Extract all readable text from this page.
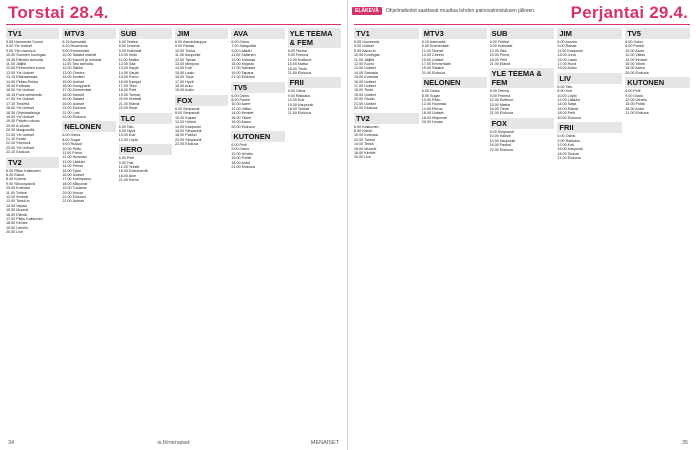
Torstai 28.4.
TV1
5.55 Huomenta Suomi
9.00 Yle Uutiset
9.05 Ylen aamu-tv
10.00 Suomen kuningas
10.30 Elämän tarinoita
11.00 Jäljillä
12.05 Pehmoinen kuoro
13.00 Yle Uutiset
13.15 Eläinsairaala
14.00 Pirkka-Pekka
15.00 Kotimaa
16.00 Yle Uutiset
16.15 Puoli seitsemän
17.00 Yle Uutiset
17.10 Tiedettä
18.00 Yle Uutiset
18.30 Ohjelmatietoja
19.00 Yle Uutiset
19.30 Päivän rukous
20.00 A-studio
20.30 Maajussille
21.00 Yle Uutiset
21.10 Kioski
22.00 Sherlock
23.00 Yle Uutiset
23.10 Elokuva
TV2
6.00 Pikku Kakkonen
8.25 Kiskot
8.35 Kotona
9.00 Siivouspäivä
10.00 Kotimaa
11.00 Tohtori
12.00 Ihmisiä
13.00 Teksti-tv
14.00 Vapaa
15.00 Muumit
16.00 Elämä
17.00 Pikku Kakkonen
18.00 Kimble
19.00 Urheilu
20.00 Live
MTV3
6.15 Aamusää
6.20 Huomenta
9.00 Emmerdale
10.00 Salatut elämät
10.30 Kauniit ja rohkeat
11.00 Tosi tarinoita
12.00 Sähkö
13.00 Cheers
14.00 Ihmiset
15.00 Uutiset
16.00 Kumppanit
17.00 Emmerdale
18.00 Kauniit
19.00 Salatut
20.00 Uutiset
21.00 Elokuva
22.00 Lost
23.00 Elokuva
NELONEN
6.00 Ostos
8.00 Sugar
9.00 Ruusut
10.00 Pelto
11.00 Poirot
12.00 Huomaa
13.00 Lääkäri
14.00 Piirros
15.00 Tykki
16.00 Uutiset
17.00 Kotiinpaluu
18.00 Miljoonat
19.00 Tuotanto
20.00 House
21.00 Elokuva
22.00 Uutiset
SUB
6.00 Teleksi
8.00 Unelma
9.00 Kotimaat
10.00 Ilmiö
11.00 Matka
12.00 Sää
13.00 Sarjat
14.00 Sarjat
15.00 Pomo
16.00 Kymppi
17.00 Teko
18.00 Pelit
19.00 Tarinat
20.00 Kiinteät
21.00 Elämä
22.00 Kisat
TLC
6.00 Talo
8.00 Hyvä
10.00 Koti
12.00 Löytö
HERO
6.00 Pelit
9.00 Tosi
12.00 Tekstit
15.00 Dokumentit
18.00 Alue
21.00 Kerho
JIM
6.00 Asuntokauppa
9.00 Rahaa
10.00 Tukka
11.00 Kaupunki
12.00 Taivas
13.00 Minijuna
14.00 Koti
15.00 Laatu
16.00 Tupa
17.00 Hyvä
18.00 Auto
19.00 Aukio
FOX
6.00 Simpsonit
8.00 Simpsonit
10.00 Kaksin
12.00 Hölmö
14.00 Kaupunki
16.00 Simpsonit
18.00 Pastori
20.00 Simpsonit
22.00 Elokuva
AVA
6.00 Ostos
7.00 Salapoliisi
9.00 Lääkäri
11.00 Salainen
13.00 Kotimaa
15.00 Kirjasto
17.00 Sairaala
19.00 Tapaus
21.00 Elokuva
TV5
6.00 Ostos
8.00 Pankit
10.00 Aarre
12.00 Viikko
14.00 Ihmiset
16.00 Tiikeri
18.00 Aamu
20.00 Elokuva
KUTONEN
6.00 Pelit
9.00 Ostos
12.00 Urheilu
15.00 Poliisi
18.00 Autot
21.00 Elokuva
YLE TEEMA & FEM
6.00 Teema
9.00 Femma
12.00 Kulttuuri
15.00 Matka
18.00 Tiede
21.00 Elokuva
FRII
6.00 Ostos
9.00 Rakkaus
12.00 Koti
15.00 Kaupunki
18.00 Tarinat
21.00 Elokuva
34	is.fi/menaiset	MENAISET
ELÄKEVÄ	Ohjelmatiedot saattavat muuttua lehden painovalmistuksen jälkeen. Perjantai 29.4.
TV1
5.55 Huomenta
9.00 Uutiset
9.05 Aamu-tv
10.00 Kuningas
11.00 Jäljillä
12.00 Kuoro
13.00 Uutiset
14.00 Sairaala
15.00 Kotimaa
16.00 Uutiset
17.00 Uutiset
18.00 Tiede
19.00 Uutiset
20.00 Studio
21.00 Uutiset
22.00 Elokuva
TV2
6.00 Kakkonen
8.00 Kiskot
10.00 Kotimaa
12.00 Tohtori
14.00 Teksti
16.00 Muumit
18.00 Kimble
20.00 Live
MTV3
6.15 Aamusää
9.00 Emmerdale
11.00 Tarinat
13.00 Cheers
15.00 Uutiset
17.00 Emmerdale
19.00 Salatut
21.00 Elokuva
NELONEN
6.00 Ostos
8.00 Sugar
10.00 Pelto
12.00 Huomaa
14.00 Piirros
16.00 Uutiset
18.00 Miljoonat
20.00 House
SUB
6.00 Teleksi
9.00 Kotimaat
12.00 Sää
15.00 Pomo
18.00 Pelit
21.00 Elämä
YLE TEEMA & FEM
6.00 Teema
9.00 Femma
12.00 Kulttuuri
15.00 Matka
18.00 Tiede
21.00 Elokuva
FOX
6.00 Simpsonit
10.00 Kaksin
14.00 Kaupunki
18.00 Pastori
22.00 Elokuva
JIM
6.00 Asunto
9.00 Rahaa
11.00 Kaupunki
13.00 Juna
15.00 Laatu
17.00 Hyvä
19.00 Aukio
LIV
6.00 Talo
8.00 Koti
10.00 Löytö
12.00 Lääkäri
14.00 Sarja
16.00 Elämä
18.00 Pelit
20.00 Elokuva
FRII
6.00 Ostos
9.00 Rakkaus
12.00 Koti
15.00 Kaupunki
18.00 Tarinat
21.00 Elokuva
TV5
6.00 Ostos
8.00 Pankit
10.00 Aarre
12.00 Viikko
14.00 Ihmiset
16.00 Tiikeri
18.00 Aamu
20.00 Elokuva
KUTONEN
6.00 Pelit
9.00 Ostos
12.00 Urheilu
15.00 Poliisi
18.00 Autot
21.00 Elokuva
35
